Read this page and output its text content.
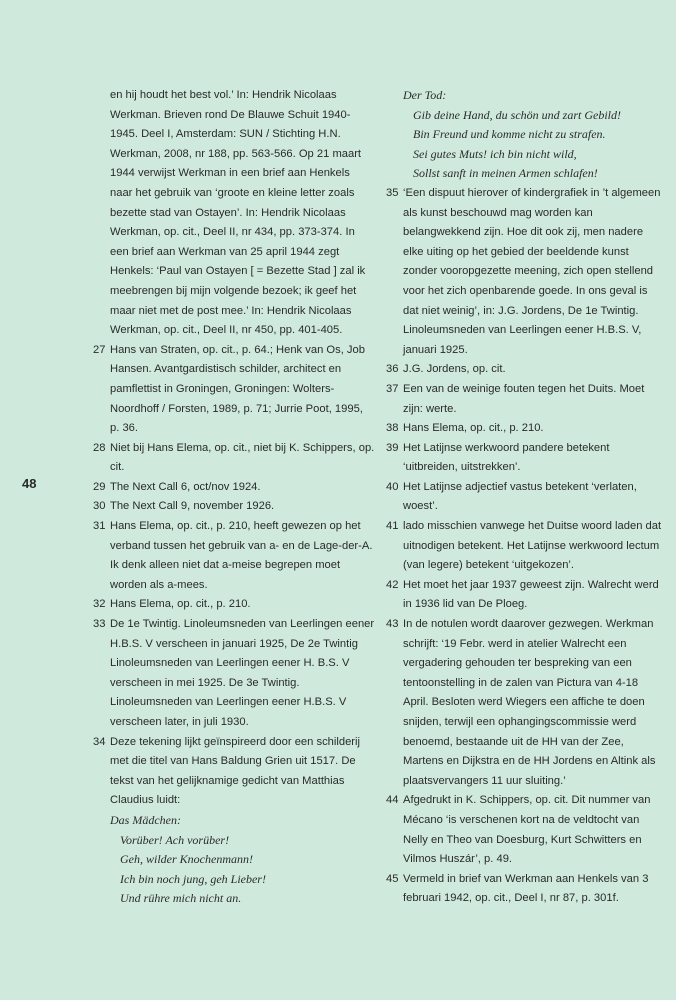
48
en hij houdt het best vol.’ In: Hendrik Nicolaas Werkman. Brieven rond De Blauwe Schuit 1940-1945. Deel I, Amsterdam: SUN / Stichting H.N. Werkman, 2008, nr 188, pp. 563-566. Op 21 maart 1944 verwijst Werkman in een brief aan Henkels naar het gebruik van ‘groote en kleine letter zoals bezette stad van Ostayen’. In: Hendrik Nicolaas Werkman, op. cit., Deel II, nr 434, pp. 373-374. In een brief aan Werkman van 25 april 1944 zegt Henkels: ‘Paul van Ostayen [ = Bezette Stad ] zal ik meebrengen bij mijn volgende bezoek; ik geef het maar niet met de post mee.’ In: Hendrik Nicolaas Werkman, op. cit., Deel II, nr 450, pp. 401-405.
27 Hans van Straten, op. cit., p. 64.; Henk van Os, Job Hansen. Avantgardistisch schilder, architect en pamflettist in Groningen, Groningen: Wolters-Noordhoff / Forsten, 1989, p. 71; Jurrie Poot, 1995, p. 36.
28 Niet bij Hans Elema, op. cit., niet bij K. Schippers, op. cit.
29 The Next Call 6, oct/nov 1924.
30 The Next Call 9, november 1926.
31 Hans Elema, op. cit., p. 210, heeft gewezen op het verband tussen het gebruik van a- en de Lage-der-A. Ik denk alleen niet dat a-meise begrepen moet worden als a-mees.
32 Hans Elema, op. cit., p. 210.
33 De 1e Twintig. Linoleumsneden van Leerlingen eener H.B.S. V verscheen in januari 1925, De 2e Twintig Linoleumsneden van Leerlingen eener H. B.S. V verscheen in mei 1925. De 3e Twintig. Linoleumsneden van Leerlingen eener H.B.S. V verscheen later, in juli 1930.
34 Deze tekening lijkt geïnspireerd door een schilderij met die titel van Hans Baldung Grien uit 1517. De tekst van het gelijknamige gedicht van Matthias Claudius luidt:
Das Mädchen:
Vorüber! Ach vorüber!
Geh, wilder Knochenmann!
Ich bin noch jung, geh Lieber!
Und rühre mich nicht an.
Der Tod:
Gib deine Hand, du schön und zart Gebild!
Bin Freund und komme nicht zu strafen.
Sei gutes Muts! ich bin nicht wild,
Sollst sanft in meinen Armen schlafen!
35 ‘Een dispuut hierover of kindergrafiek in ’t algemeen als kunst beschouwd mag worden kan belangwekkend zijn. Hoe dit ook zij, men nadere elke uiting op het gebied der beeldende kunst zonder vooropgezette meening, zich open stellend voor het zich openbarende goede. In ons geval is dat niet weinig’, in: J.G. Jordens, De 1e Twintig. Linoleumsneden van Leerlingen eener H.B.S. V, januari 1925.
36 J.G. Jordens, op. cit.
37 Een van de weinige fouten tegen het Duits. Moet zijn: werte.
38 Hans Elema, op. cit., p. 210.
39 Het Latijnse werkwoord pandere betekent ‘uitbreiden, uitstrekken’.
40 Het Latijnse adjectief vastus betekent ‘verlaten, woest’.
41 lado misschien vanwege het Duitse woord laden dat uitnodigen betekent. Het Latijnse werkwoord lectum (van legere) betekent ‘uitgekozen’.
42 Het moet het jaar 1937 geweest zijn. Walrecht werd in 1936 lid van De Ploeg.
43 In de notulen wordt daarover gezwegen. Werkman schrijft: ‘19 Febr. werd in atelier Walrecht een vergadering gehouden ter bespreking van een tentoonstelling in de zalen van Pictura van 4-18 April. Besloten werd Wiegers een affiche te doen snijden, terwijl een ophangingscommissie werd benoemd, bestaande uit de HH van der Zee, Martens en Dijkstra en de HH Jordens en Altink als plaatsvervangers 11 uur sluiting.’
44 Afgedrukt in K. Schippers, op. cit. Dit nummer van Mécano ‘is verschenen kort na de veldtocht van Nelly en Theo van Doesburg, Kurt Schwitters en Vilmos Huszár’, p. 49.
45 Vermeld in brief van Werkman aan Henkels van 3 februari 1942, op. cit., Deel I, nr 87, p. 301f.
